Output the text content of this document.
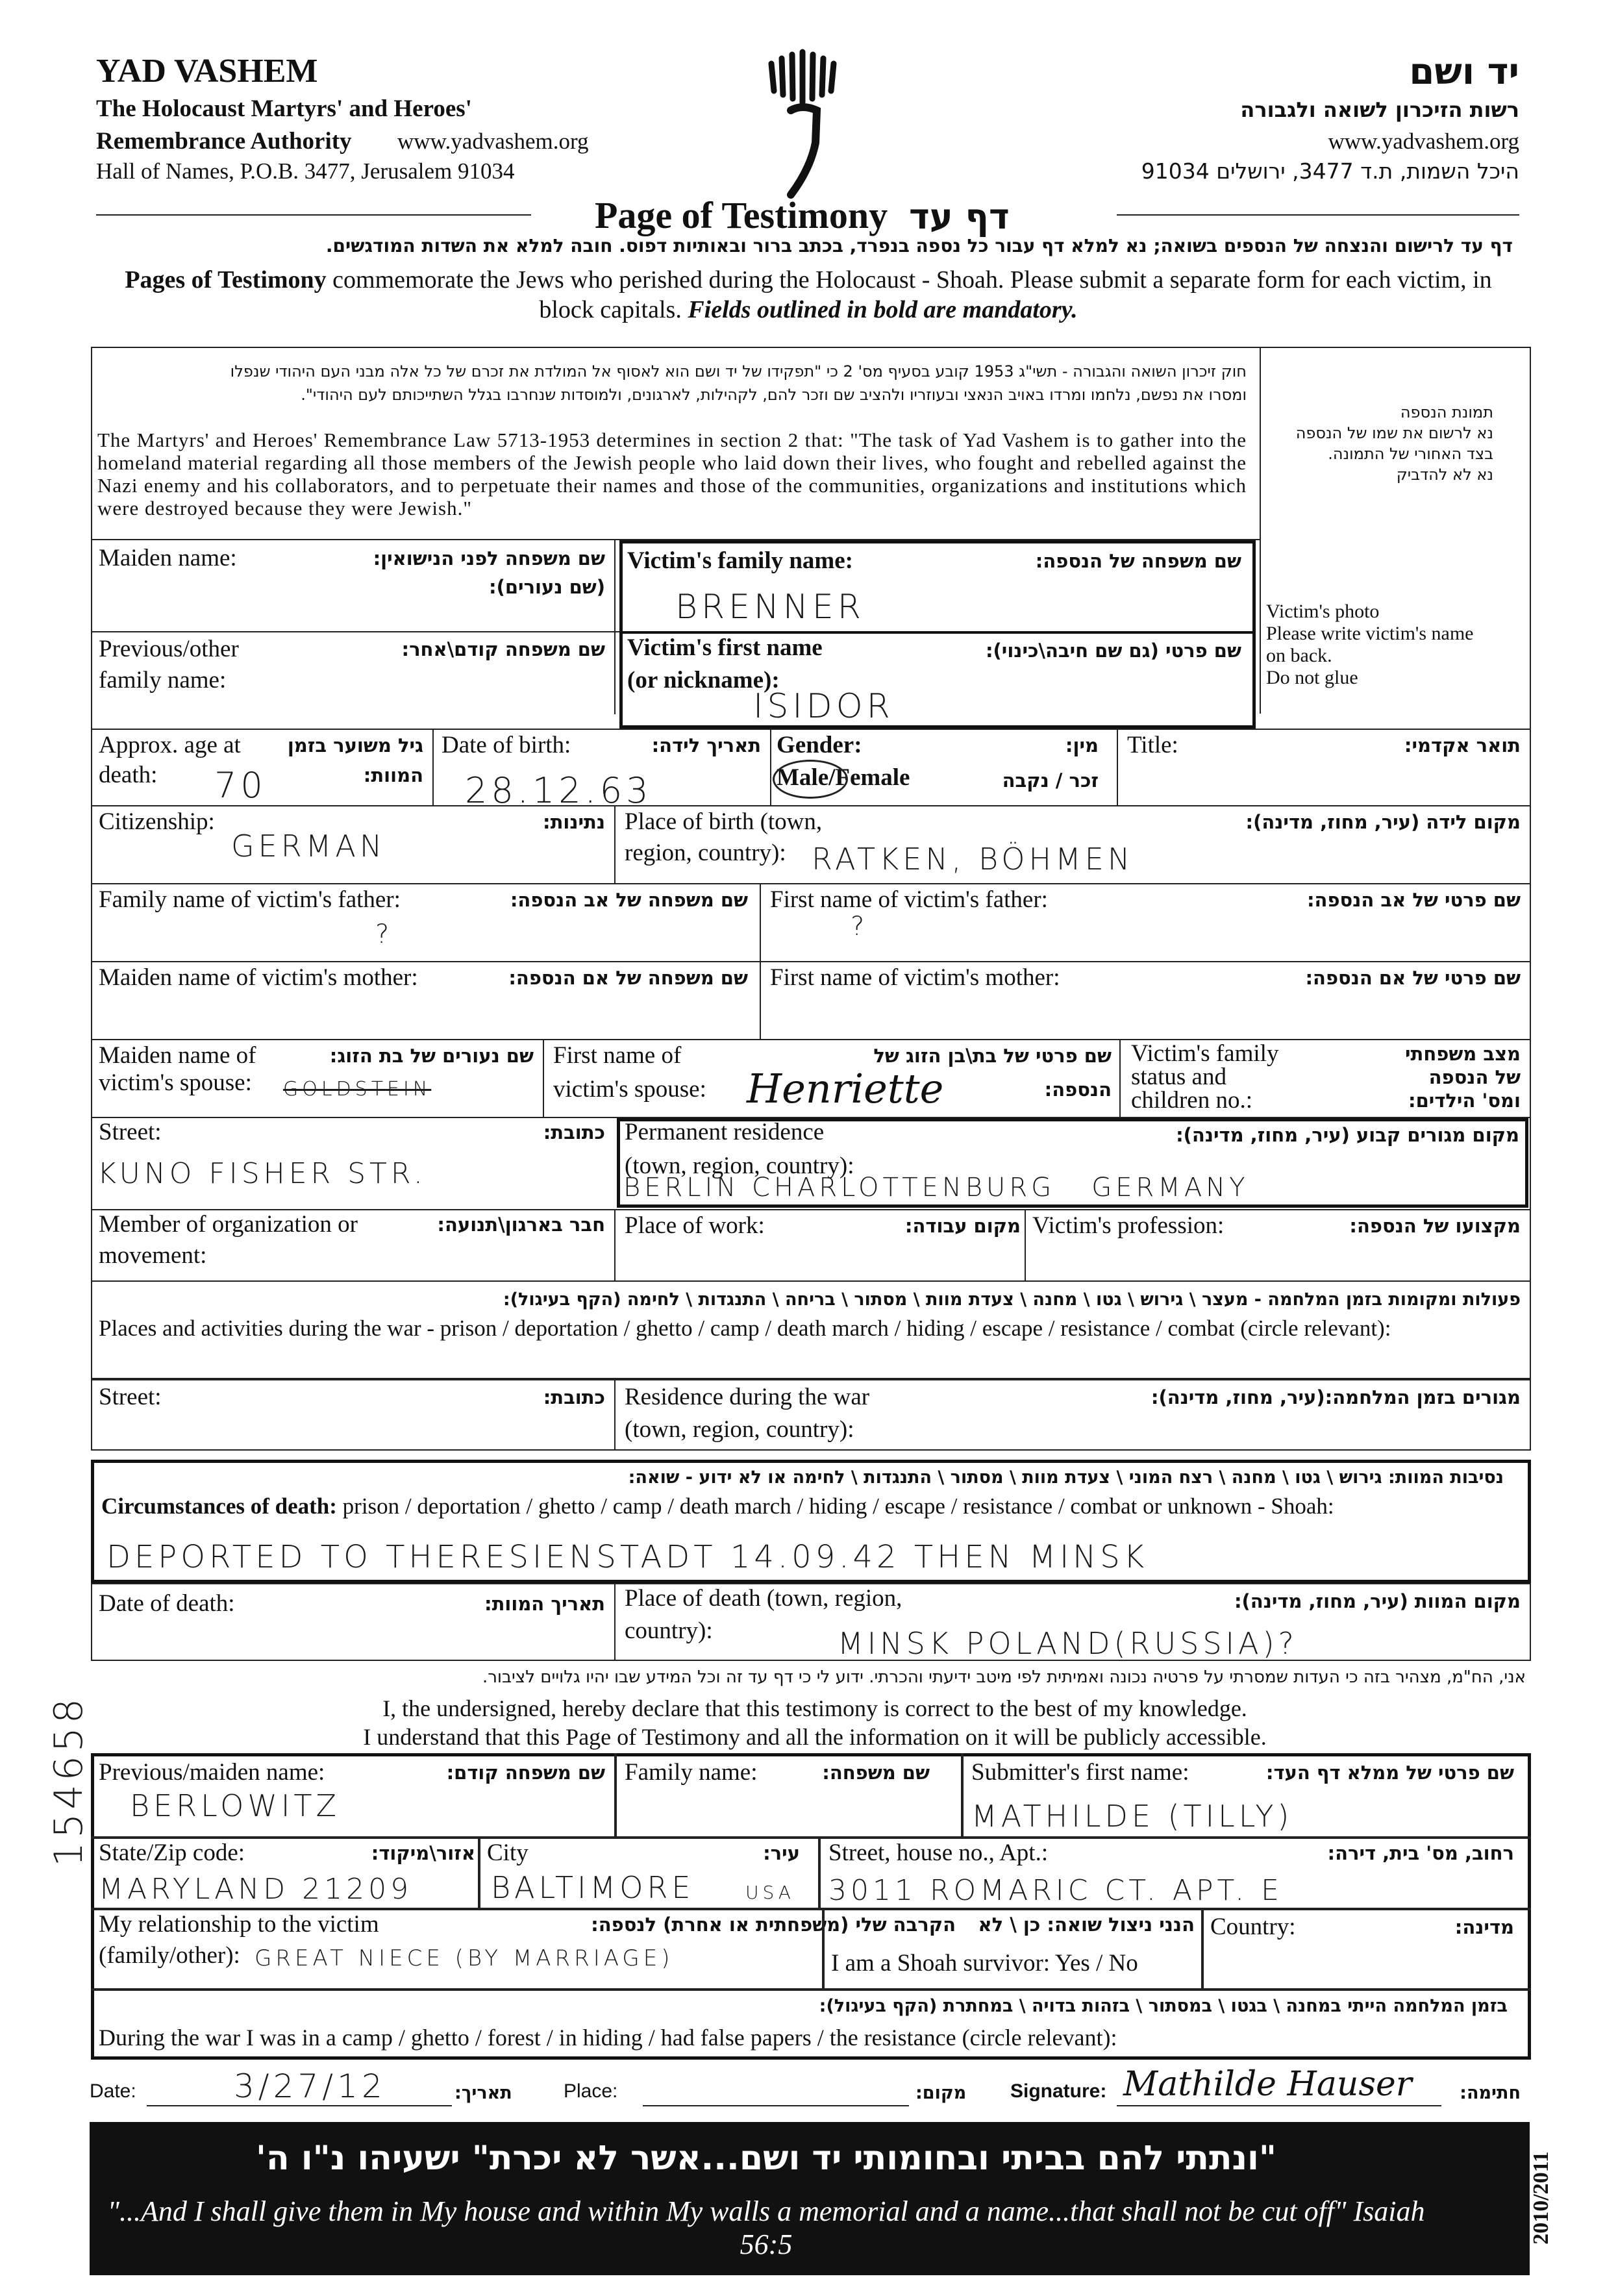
YAD VASHEM
The Holocaust Martyrs' and Heroes'
Remembrance Authority www.yadvashem.org
Hall of Names, P.O.B. 3477, Jerusalem 91034
יד ושם
רשות הזיכרון לשואה ולגבורה
www.yadvashem.org
היכל השמות, ת.ד 3477, ירושלים 91034
Page of Testimony דף עד
דף עד לרישום והנצחה של הנספים בשואה; נא למלא דף עבור כל נספה בנפרד, בכתב ברור ובאותיות דפוס. חובה למלא את השדות המודגשים.
Pages of Testimony commemorate the Jews who perished during the Holocaust - Shoah. Please submit a separate form for each victim, in block capitals. Fields outlined in bold are mandatory.
חוק זיכרון השואה והגבורה - תשי"ג 1953 קובע בסעיף מס' 2 כי "תפקידו של יד ושם הוא לאסוף אל המולדת את זכרם של כל אלה מבני העם היהודי שנפלו
ומסרו את נפשם, נלחמו ומרדו באויב הנאצי ובעוזריו ולהציב שם וזכר להם, לקהילות, לארגונים, ולמוסדות שנחרבו בגלל השתייכותם לעם היהודי".
The Martyrs' and Heroes' Remembrance Law 5713-1953 determines in section 2 that: "The task of Yad Vashem is to gather into the homeland material regarding all those members of the Jewish people who laid down their lives, who fought and rebelled against the Nazi enemy and his collaborators, and to perpetuate their names and those of the communities, organizations and institutions which were destroyed because they were Jewish."
תמונת הנספה
נא לרשום את שמו של הנספה
בצד האחורי של התמונה.
נא לא להדביק
Victim's photo
Please write victim's name
on back.
Do not glue
Maiden name:	שם משפחה לפני הנישואין:
(שם נעורים):
Victim's family name:	שם משפחה של הנספה:
BRENNER
Previous/other
family name:
שם משפחה קודם\אחר: Victim's first name
(or nickname):
שם פרטי (גם שם חיבה\כינוי):
ISIDOR
Approx. age at
death:
גיל משוער בזמן
המוות:
70
Date of birth:	תאריך לידה:
28.12.63
Gender:	מין:
Male/Female	זכר / נקבה
Title:	תואר אקדמי:
Citizenship:	נתינות:
GERMAN
Place of birth (town,
region, country):
מקום לידה (עיר, מחוז, מדינה):
RATKEN, BÖHMEN
Family name of victim's father:	שם משפחה של אב הנספה:
?
First name of victim's father:	שם פרטי של אב הנספה:
?
Maiden name of victim's mother:	שם משפחה של אם הנספה: First name of victim's mother:	שם פרטי של אם הנספה:
Maiden name of
victim's spouse:
שם נעורים של בת הזוג:
GOLDSTEIN
First name of
victim's spouse:
שם פרטי של בת\בן הזוג של
הנספה:
Henriette
Victim's family
status and
children no.:
מצב משפחתי
של הנספה
ומס' הילדים:
Street:	כתובת:
KUNO FISHER STR.
Permanent residence
(town, region, country):
מקום מגורים קבוע (עיר, מחוז, מדינה):
BERLIN CHARLOTTENBURG   GERMANY
Member of organization or
movement:
חבר בארגון\תנועה: Place of work:	מקום עבודה: Victim's profession:	מקצועו של הנספה:
פעולות ומקומות בזמן המלחמה - מעצר \ גירוש \ גטו \ מחנה \ צעדת מוות \ מסתור \ בריחה \ התנגדות \ לחימה (הקף בעיגול):
Places and activities during the war - prison / deportation / ghetto / camp / death march / hiding / escape / resistance / combat (circle relevant):
Street:	כתובת: Residence during the war
(town, region, country):
מגורים בזמן המלחמה:(עיר, מחוז, מדינה):
נסיבות המוות: גירוש \ גטו \ מחנה \ רצח המוני \ צעדת מוות \ מסתור \ התנגדות \ לחימה או לא ידוע - שואה:
Circumstances of death: prison / deportation / ghetto / camp / death march / hiding / escape / resistance / combat or unknown - Shoah:
DEPORTED TO THERESIENSTADT 14.09.42 THEN MINSK
Date of death:	תאריך המוות: Place of death (town, region,
country):
מקום המוות (עיר, מחוז, מדינה):
MINSK POLAND(RUSSIA)?
אני, הח"מ, מצהיר בזה כי העדות שמסרתי על פרטיה נכונה ואמיתית לפי מיטב ידיעתי והכרתי. ידוע לי כי דף עד זה וכל המידע שבו יהיו גלויים לציבור.
I, the undersigned, hereby declare that this testimony is correct to the best of my knowledge.
I understand that this Page of Testimony and all the information on it will be publicly accessible.
Previous/maiden name:	שם משפחה קודם:
BERLOWITZ
Family name:	שם משפחה: Submitter's first name:	שם פרטי של ממלא דף העד:
MATHILDE (TILLY)
State/Zip code:	אזור\מיקוד:
MARYLAND 21209
City	עיר:
BALTIMORE	USA
Street, house no., Apt.:	רחוב, מס' בית, דירה:
3011 ROMARIC CT. APT. E
My relationship to the victim
(family/other):
הקרבה שלי (משפחתית או אחרת) לנספה:
GREAT NIECE (BY MARRIAGE)
הנני ניצול שואה: כן \ לא
I am a Shoah survivor: Yes / No
Country:	מדינה:
בזמן המלחמה הייתי במחנה \ בגטו \ במסתור \ בזהות בדויה \ במחתרת (הקף בעיגול):
During the war I was in a camp / ghetto / forest / in hiding / had false papers / the resistance (circle relevant):
Date:	3/27/12	תאריך:	Place:	מקום: Signature: Mathilde Hauser	חתימה:
154658
"ונתתי להם בביתי ובחומותי יד ושם...אשר לא יכרת" ישעיהו נ"ו ה'
"...And I shall give them in My house and within My walls a memorial and a name...that shall not be cut off" Isaiah 56:5	2010/2011
